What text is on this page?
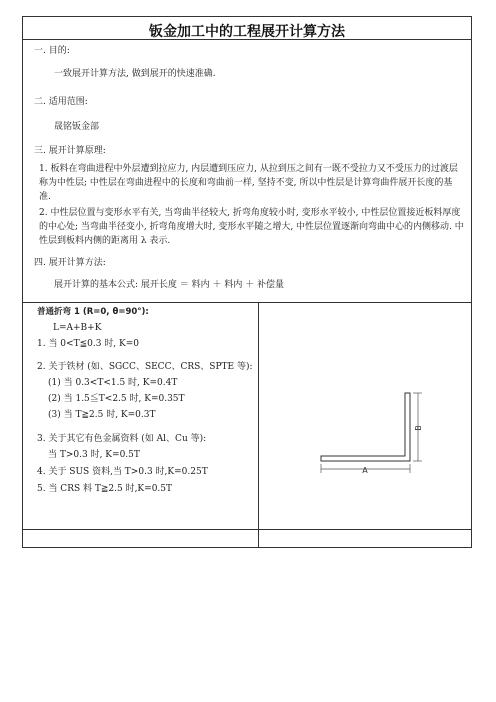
钣金加工中的工程展开计算方法
一. 目的:
一致展开计算方法, 做到展开的快速准确.
二. 适用范围:
晟铭钣金部
三. 展开计算原理:
1. 板料在弯曲进程中外层遭到拉应力, 内层遭到压应力, 从拉到压之间有一既不受拉力又不受压力的过渡层称为中性层; 中性层在弯曲进程中的长度和弯曲前一样, 坚持不变, 所以中性层是计算弯曲件展开长度的基准.
2. 中性层位置与变形水平有关, 当弯曲半径较大, 折弯角度较小时, 变形水平较小, 中性层位置接近板料厚度的中心处; 当弯曲半径变小, 折弯角度增大时, 变形水平随之增大, 中性层位置逐渐向弯曲中心的内侧移动. 中性层到板料内侧的距离用 λ 表示.
四. 展开计算方法:
展开计算的基本公式: 展开长度 ＝ 料内 ＋ 料内 ＋ 补偿量
普通折弯 1 (R=0, θ=90°):
L=A+B+K
1. 当 0<T≦0.3 时, K=0
2. 关于铁材 (如、SGCC、SECC、CRS、SPTE 等):
(1) 当 0.3<T<1.5 时, K=0.4T
(2) 当 1.5≦T<2.5 时, K=0.35T
(3) 当 T≧2.5 时, K=0.3T
3. 关于其它有色金属资料 (如 Al、Cu 等):
当 T>0.3 时, K=0.5T
4. 关于 SUS 资料,当 T>0.3 时,K=0.25T
5. 当 CRS 料 T≧2.5 时,K=0.5T
A
B
